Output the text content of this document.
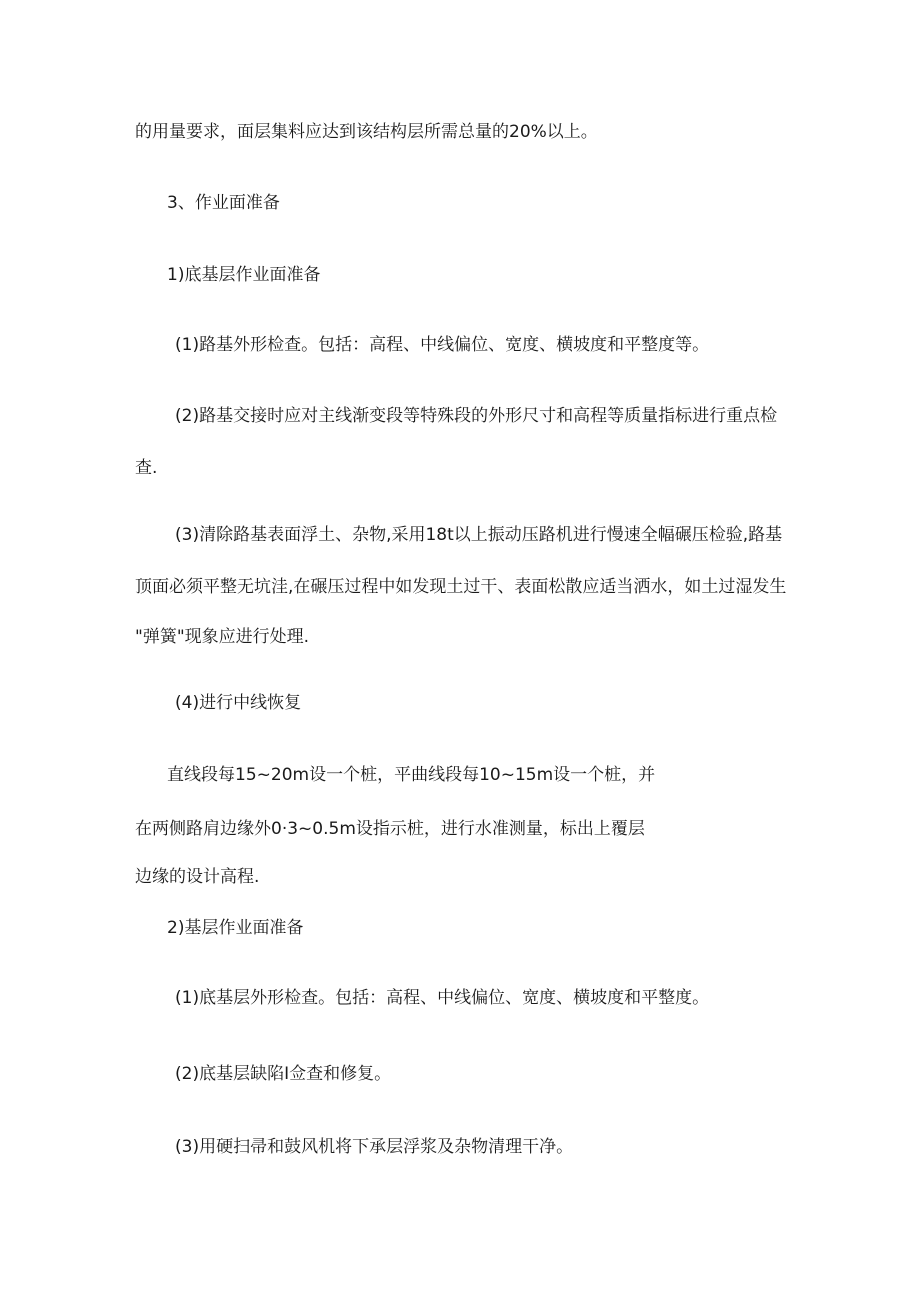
的用量要求，面层集料应达到该结构层所需总量的20%以上。
3、作业面准备
1)底基层作业面准备
(1)路基外形检查。包括：高程、中线偏位、宽度、横坡度和平整度等。
(2)路基交接时应对主线渐变段等特殊段的外形尺寸和高程等质量指标进行重点检
查.
(3)清除路基表面浮土、杂物,采用18t以上振动压路机进行慢速全幅碾压检验,路基
顶面必须平整无坑洼,在碾压过程中如发现土过干、表面松散应适当洒水，如土过湿发生
"弹簧"现象应进行处理.
(4)进行中线恢复
直线段每15~20m设一个桩，平曲线段每10~15m设一个桩，并
在两侧路肩边缘外0·3~0.5m设指示桩，进行水准测量，标出上覆层
边缘的设计高程.
2)基层作业面准备
(1)底基层外形检查。包括：高程、中线偏位、宽度、横坡度和平整度。
(2)底基层缺陷I佥查和修复。
(3)用硬扫帚和鼓风机将下承层浮浆及杂物清理干净。
